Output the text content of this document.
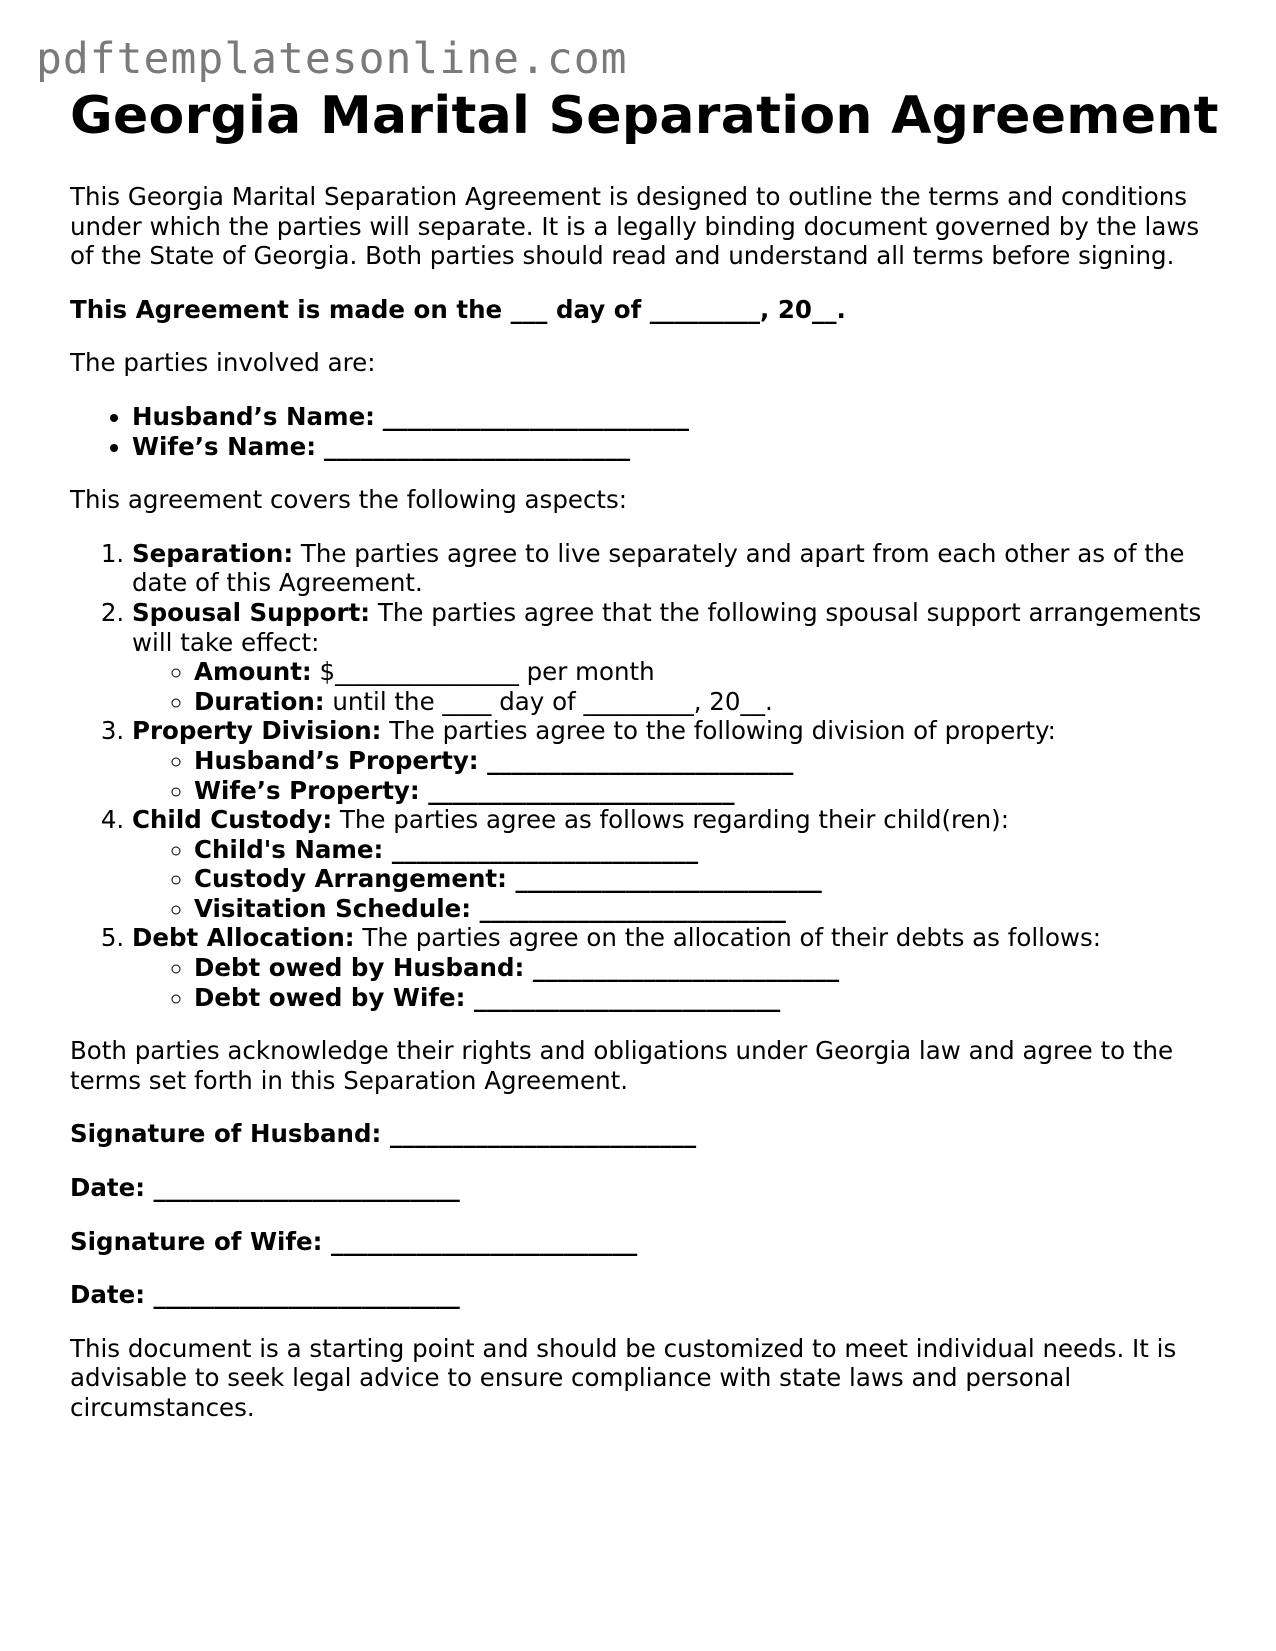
pdftemplatesonline.com
Georgia Marital Separation Agreement

This Georgia Marital Separation Agreement is designed to outline the terms and conditions under which the parties will separate. It is a legally binding document governed by the laws of the State of Georgia. Both parties should read and understand all terms before signing.

This Agreement is made on the ___ day of _________, 20__.

The parties involved are:

• Husband’s Name: _________________________
• Wife’s Name: _________________________

This agreement covers the following aspects:

1. Separation: The parties agree to live separately and apart from each other as of the date of this Agreement.
2. Spousal Support: The parties agree that the following spousal support arrangements will take effect:
◦ Amount: $_______________ per month
◦ Duration: until the ____ day of _________, 20__.
3. Property Division: The parties agree to the following division of property:
◦ Husband’s Property: _________________________
◦ Wife’s Property: _________________________
4. Child Custody: The parties agree as follows regarding their child(ren):
◦ Child's Name: _________________________
◦ Custody Arrangement: _________________________
◦ Visitation Schedule: _________________________
5. Debt Allocation: The parties agree on the allocation of their debts as follows:
◦ Debt owed by Husband: _________________________
◦ Debt owed by Wife: _________________________

Both parties acknowledge their rights and obligations under Georgia law and agree to the terms set forth in this Separation Agreement.

Signature of Husband: _________________________

Date: _________________________

Signature of Wife: _________________________

Date: _________________________

This document is a starting point and should be customized to meet individual needs. It is advisable to seek legal advice to ensure compliance with state laws and personal circumstances.
